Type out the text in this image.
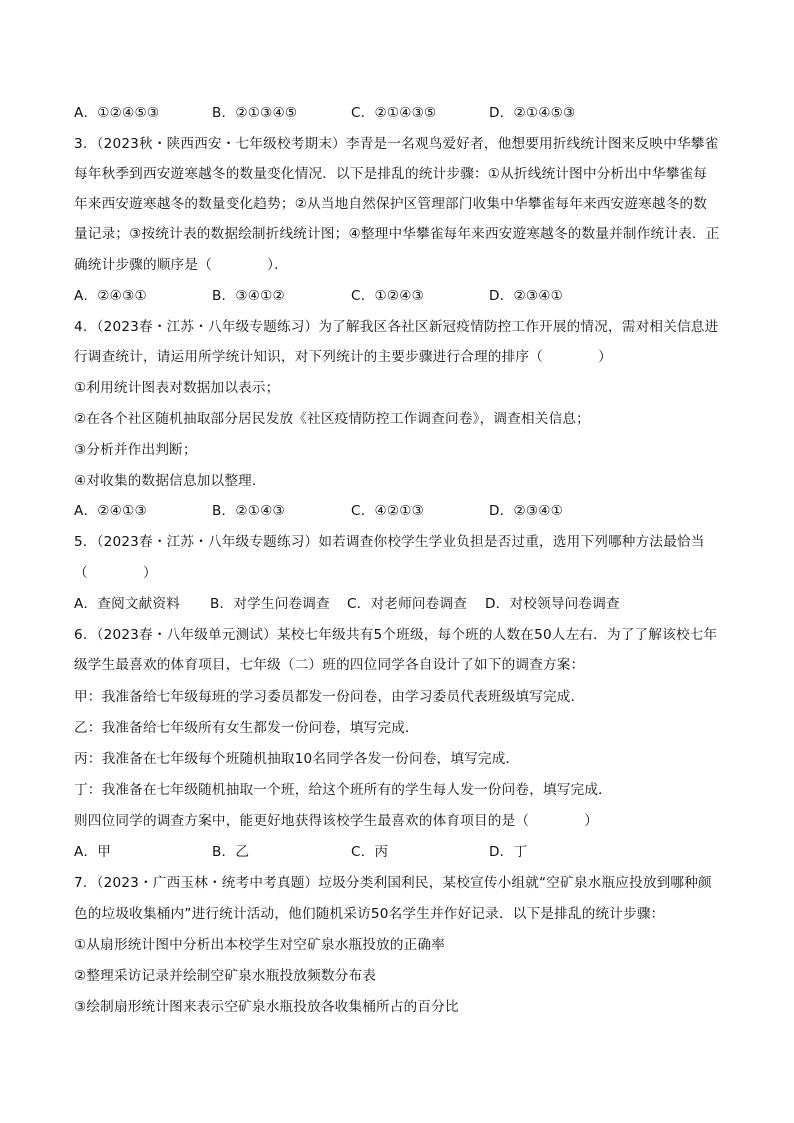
A．①②④⑤③	B．②①③④⑤	C．②①④③⑤	D．②①④⑤③
3．（2023秋・陕西西安・七年级校考期末）李青是一名观鸟爱好者，他想要用折线统计图来反映中华攀雀
每年秋季到西安遊寒越冬的数量变化情况．以下是排乱的统计步骤：①从折线统计图中分析出中华攀雀每
年来西安遊寒越冬的数量变化趋势；②从当地自然保护区管理部门收集中华攀雀每年来西安遊寒越冬的数
量记录；③按统计表的数据绘制折线统计图；④整理中华攀雀每年来西安遊寒越冬的数量并制作统计表．正
确统计步骤的顺序是（　　　　）．
A．②④③①	B．③④①②	C．①②④③	D．②③④①
4．（2023春・江苏・八年级专题练习）为了解我区各社区新冠疫情防控工作开展的情况，需对相关信息进
行调查统计，请运用所学统计知识，对下列统计的主要步骤进行合理的排序（　　　　）
①利用统计图表对数据加以表示；
②在各个社区随机抽取部分居民发放《社区疫情防控工作调查问卷》，调查相关信息；
③分析并作出判断；
④对收集的数据信息加以整理．
A．②④①③	B．②①④③	C．④②①③	D．②③④①
5．（2023春・江苏・八年级专题练习）如若调查你校学生学业负担是否过重，选用下列哪种方法最恰当
（　　　　）
A．查阅文献资料	B．对学生问卷调查	C．对老师问卷调查	D．对校领导问卷调查
6．（2023春・八年级单元测试）某校七年级共有5个班级，每个班的人数在50人左右．为了了解该校七年
级学生最喜欢的体育项目，七年级（二）班的四位同学各自设计了如下的调查方案：
甲：我准备给七年级每班的学习委员都发一份问卷，由学习委员代表班级填写完成．
乙：我准备给七年级所有女生都发一份问卷，填写完成．
丙：我准备在七年级每个班随机抽取10名同学各发一份问卷，填写完成．
丁：我准备在七年级随机抽取一个班，给这个班所有的学生每人发一份问卷，填写完成．
则四位同学的调查方案中，能更好地获得该校学生最喜欢的体育项目的是（　　　　）
A．甲	B．乙	C．丙	D．丁
7．（2023・广西玉林・统考中考真题）垃圾分类利国利民，某校宣传小组就“空矿泉水瓶应投放到哪种颜
色的垃圾收集桶内”进行统计活动，他们随机采访50名学生并作好记录．以下是排乱的统计步骤：
①从扇形统计图中分析出本校学生对空矿泉水瓶投放的正确率
②整理采访记录并绘制空矿泉水瓶投放频数分布表
③绘制扇形统计图来表示空矿泉水瓶投放各收集桶所占的百分比
